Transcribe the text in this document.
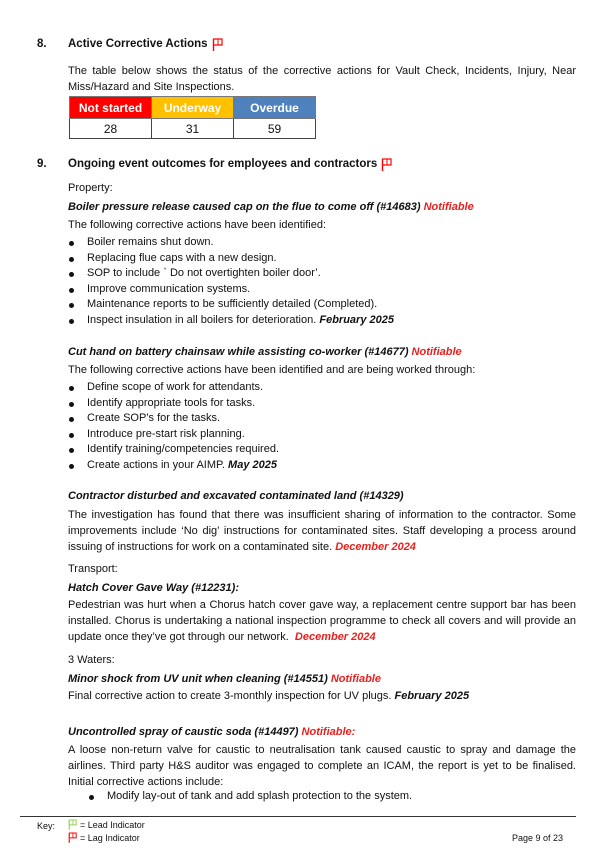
8. Active Corrective Actions
The table below shows the status of the corrective actions for Vault Check, Incidents, Injury, Near Miss/Hazard and Site Inspections.
Not started	Underway	Overdue
28	31	59
9. Ongoing event outcomes for employees and contractors
Property:
Boiler pressure release caused cap on the flue to come off (#14683) Notifiable
The following corrective actions have been identified:
Boiler remains shut down.
Replacing flue caps with a new design.
SOP to include ` Do not overtighten boiler door’.
Improve communication systems.
Maintenance reports to be sufficiently detailed (Completed).
Inspect insulation in all boilers for deterioration. February 2025
Cut hand on battery chainsaw while assisting co-worker (#14677) Notifiable
The following corrective actions have been identified and are being worked through:
Define scope of work for attendants.
Identify appropriate tools for tasks.
Create SOP’s for the tasks.
Introduce pre-start risk planning.
Identify training/competencies required.
Create actions in your AIMP. May 2025
Contractor disturbed and excavated contaminated land (#14329)
The investigation has found that there was insufficient sharing of information to the contractor. Some improvements include ‘No dig’ instructions for contaminated sites. Staff developing a process around issuing of instructions for work on a contaminated site. December 2024
Transport:
Hatch Cover Gave Way (#12231):
Pedestrian was hurt when a Chorus hatch cover gave way, a replacement centre support bar has been installed. Chorus is undertaking a national inspection programme to check all covers and will provide an update once they’ve got through our network. December 2024
3 Waters:
Minor shock from UV unit when cleaning (#14551) Notifiable
Final corrective action to create 3-monthly inspection for UV plugs. February 2025
Uncontrolled spray of caustic soda (#14497) Notifiable:
A loose non-return valve for caustic to neutralisation tank caused caustic to spray and damage the airlines. Third party H&S auditor was engaged to complete an ICAM, the report is yet to be finalised. Initial corrective actions include:
Modify lay-out of tank and add splash protection to the system.
Key:	= Lead Indicator
= Lag Indicator	Page 9 of 23
